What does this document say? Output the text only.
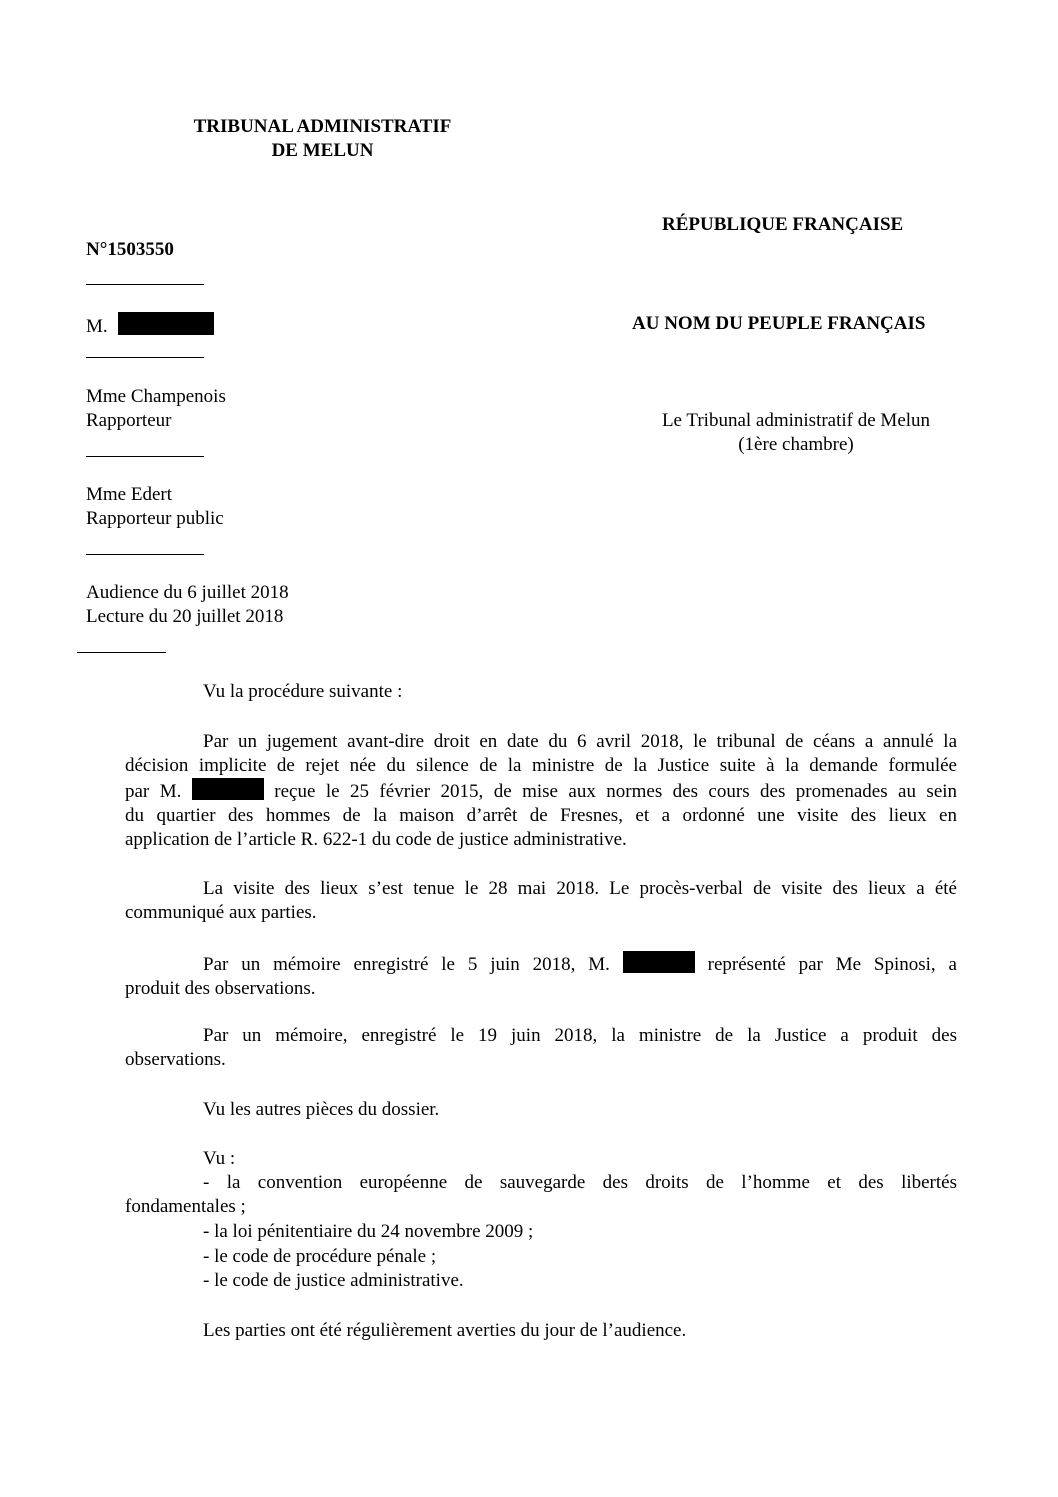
TRIBUNAL ADMINISTRATIF
DE MELUN
RÉPUBLIQUE FRANÇAISE
N°1503550
M.	AU NOM DU PEUPLE FRANÇAIS
Mme Champenois
Rapporteur	Le Tribunal administratif de Melun
(1ère chambre)
Mme Edert
Rapporteur public
Audience du 6 juillet 2018
Lecture du 20 juillet 2018
Vu la procédure suivante :
Par un jugement avant-dire droit en date du 6 avril 2018, le tribunal de céans a annulé la
décision implicite de rejet née du silence de la ministre de la Justice suite à la demande formulée
par M.	reçue le 25 février 2015, de mise aux normes des cours des promenades au sein
du quartier des hommes de la maison d’arrêt de Fresnes, et a ordonné une visite des lieux en
application de l’article R. 622-1 du code de justice administrative.
La visite des lieux s’est tenue le 28 mai 2018. Le procès-verbal de visite des lieux a été
communiqué aux parties.
Par un mémoire enregistré le 5 juin 2018, M.	représenté par Me Spinosi, a
produit des observations.
Par un mémoire, enregistré le 19 juin 2018, la ministre de la Justice a produit des
observations.
Vu les autres pièces du dossier.
Vu :
- la convention européenne de sauvegarde des droits de l’homme et des libertés
fondamentales ;
- la loi pénitentiaire du 24 novembre 2009 ;
- le code de procédure pénale ;
- le code de justice administrative.
Les parties ont été régulièrement averties du jour de l’audience.
